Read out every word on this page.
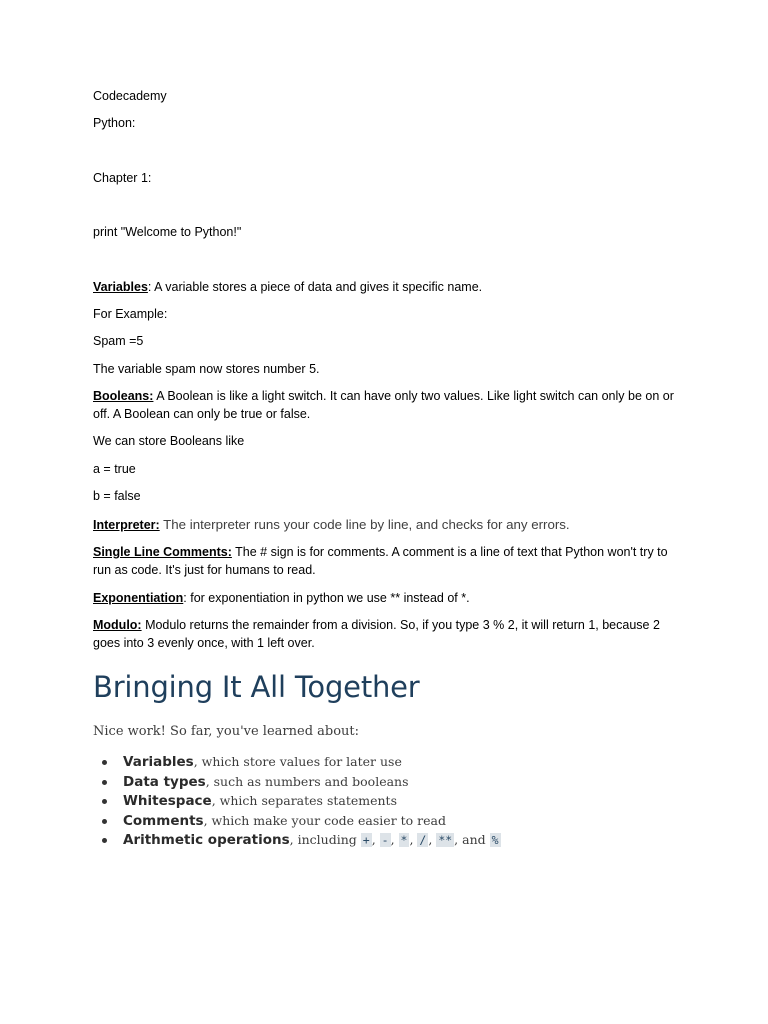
Codecademy
Python:
Chapter 1:
print "Welcome to Python!"
Variables: A variable stores a piece of data and gives it specific name.
For Example:
Spam =5
The variable spam now stores number 5.
Booleans: A Boolean is like a light switch. It can have only two values. Like light switch can only be on or off. A Boolean can only be true or false.
We can store Booleans like
a = true
b = false
Interpreter: The interpreter runs your code line by line, and checks for any errors.
Single Line Comments: The # sign is for comments. A comment is a line of text that Python won't try to run as code. It's just for humans to read.
Exponentiation: for exponentiation in python we use ** instead of *.
Modulo: Modulo returns the remainder from a division. So, if you type 3 % 2, it will return 1, because 2 goes into 3 evenly once, with 1 left over.
Bringing It All Together
Nice work! So far, you've learned about:
Variables, which store values for later use
Data types, such as numbers and booleans
Whitespace, which separates statements
Comments, which make your code easier to read
Arithmetic operations, including + , - , * , / , ** , and %
